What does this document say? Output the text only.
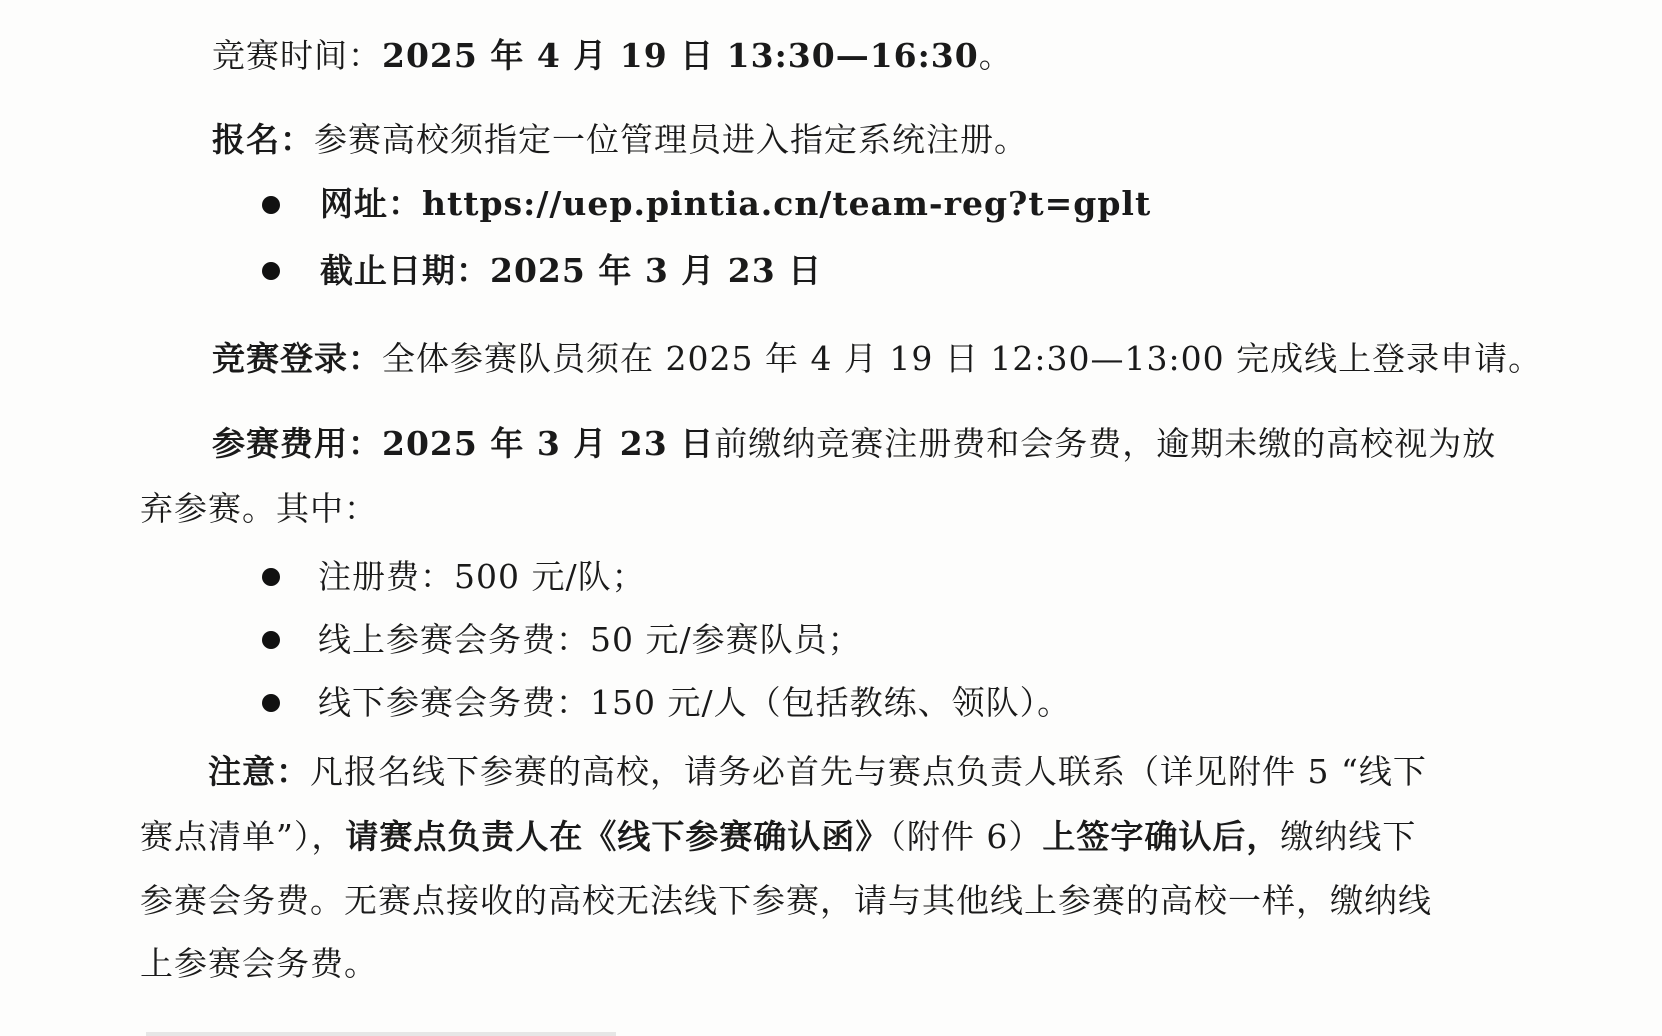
竞赛时间：2025 年 4 月 19 日 13:30—16:30。
报名：参赛高校须指定一位管理员进入指定系统注册。
网址：https://uep.pintia.cn/team-reg?t=gplt
截止日期：2025 年 3 月 23 日
竞赛登录：全体参赛队员须在 2025 年 4 月 19 日 12:30—13:00 完成线上登录申请。
参赛费用：2025 年 3 月 23 日前缴纳竞赛注册费和会务费，逾期未缴的高校视为放
弃参赛。其中：
注册费：500 元/队；
线上参赛会务费：50 元/参赛队员；
线下参赛会务费：150 元/人（包括教练、领队）。
注意：凡报名线下参赛的高校，请务必首先与赛点负责人联系（详见附件 5 “线下
赛点清单”），请赛点负责人在《线下参赛确认函》（附件 6）上签字确认后，缴纳线下
参赛会务费。无赛点接收的高校无法线下参赛，请与其他线上参赛的高校一样，缴纳线
上参赛会务费。
